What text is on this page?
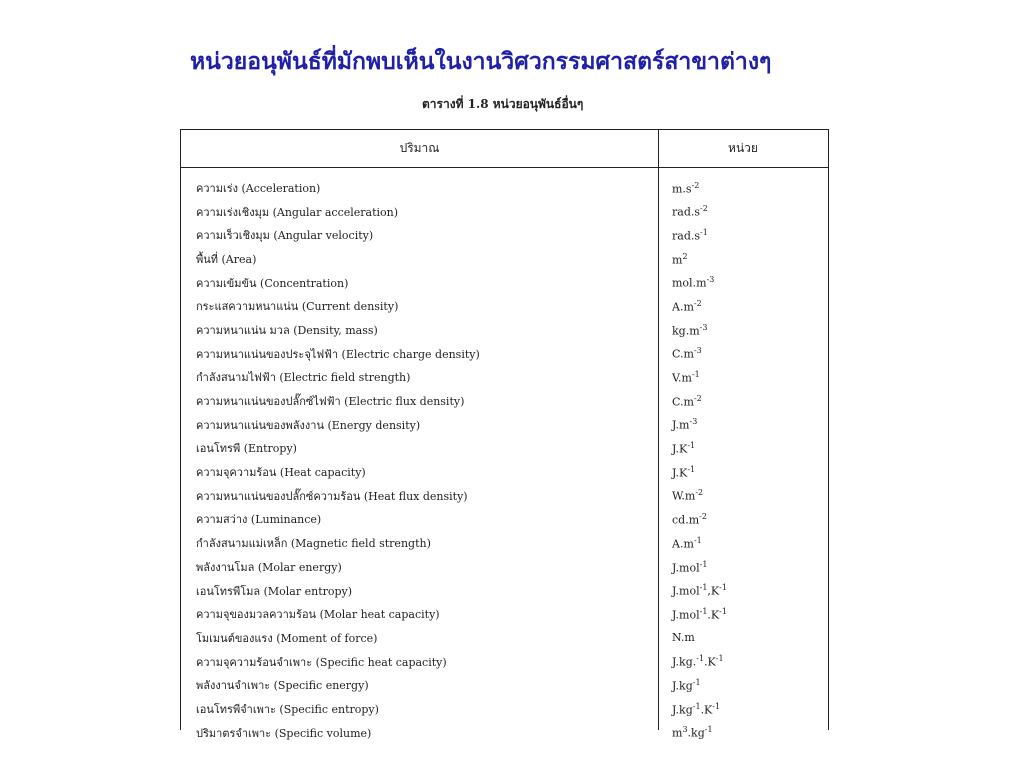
หน่วยอนุพันธ์ที่มักพบเห็นในงานวิศวกรรมศาสตร์สาขาต่างๆ
ตารางที่ 1.8 หน่วยอนุพันธ์อื่นๆ
ปริมาณ	หน่วย
ความเร่ง (Acceleration)	$m.s^{-2}$
ความเร่งเชิงมุม (Angular acceleration)	$rad.s^{-2}$
ความเร็วเชิงมุม (Angular velocity)	$rad.s^{-1}$
พื้นที่ (Area)	$m^2$
ความเข้มข้น (Concentration)	$mol.m^{-3}$
กระแสความหนาแน่น (Current density)	$A.m^{-2}$
ความหนาแน่น มวล (Density, mass)	$kg.m^{-3}$
ความหนาแน่นของประจุไฟฟ้า (Electric charge density)	$C.m^{-3}$
กำลังสนามไฟฟ้า (Electric field strength)	$V.m^{-1}$
ความหนาแน่นของปลั๊กซ์ไฟฟ้า (Electric flux density)	$C.m^{-2}$
ความหนาแน่นของพลังงาน (Energy density)	$J.m^{-3}$
เอนโทรพี (Entropy)	$J.K^{-1}$
ความจุความร้อน (Heat capacity)	$J.K^{-1}$
ความหนาแน่นของปลั๊กซ์ความร้อน (Heat flux density)	$W.m^{-2}$
ความสว่าง (Luminance)	$cd.m^{-2}$
กำลังสนามแม่เหล็ก (Magnetic field strength)	$A.m^{-1}$
พลังงานโมล (Molar energy)	J.mol$^{-1}$
เอนโทรพีโมล (Molar entropy)	$J.mol^{-1},K^{-1}$
ความจุของมวลความร้อน (Molar heat capacity)	$J.mol^{-1}.K^{-1}$
โมเมนต์ของแรง (Moment of force)	N.m
ความจุความร้อนจำเพาะ (Specific heat capacity)	$J.kg.^{-1}.K^{-1}$
พลังงานจำเพาะ (Specific energy)	$J.kg^{-1}$
เอนโทรพีจำเพาะ (Specific entropy)	$J.kg^{-1}.K^{-1}$
ปริมาตรจำเพาะ (Specific volume)	$m^3.kg^{-1}$
